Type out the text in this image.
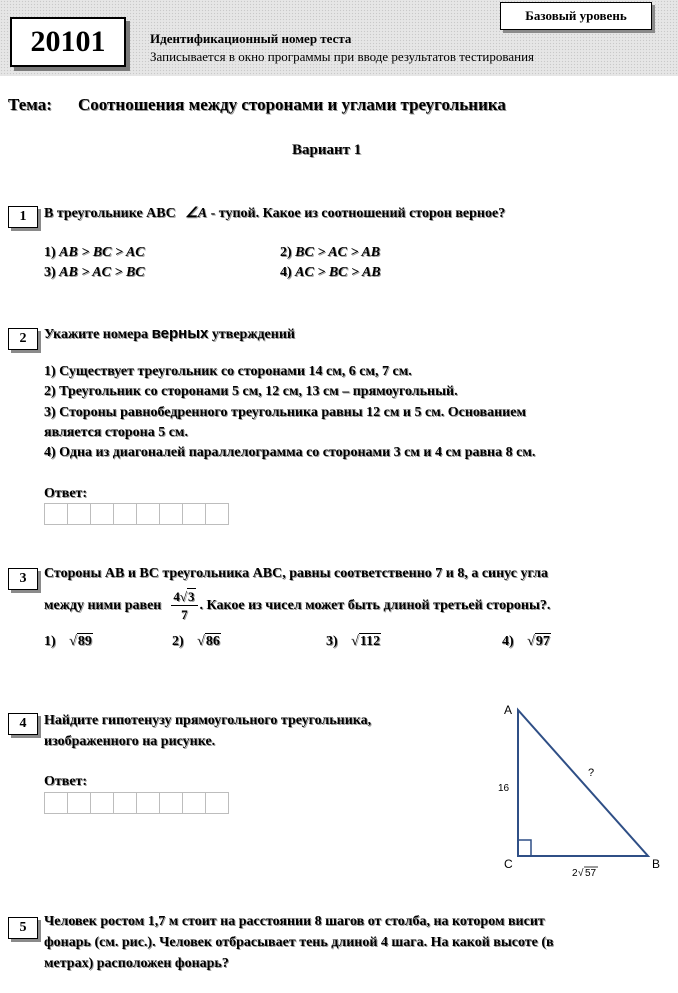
20101
Базовый уровень
Идентификационный номер теста
Записывается в окно программы при вводе результатов тестирования
Тема: Соотношения между сторонами и углами треугольника
Вариант 1
1	В треугольнике ABC ∠A - тупой. Какое из соотношений сторон верное?
1) AB > BC > AC	2) BC > AC > AB
3) AB > AC > BC	4) AC > BC > AB
2	Укажите номера верных утверждений
1) Существует треугольник со сторонами 14 см, 6 см, 7 см.
2) Треугольник со сторонами 5 см, 12 см, 13 см – прямоугольный.
3) Стороны равнобедренного треугольника равны 12 см и 5 см. Основанием
является сторона 5 см.
4) Одна из диагоналей параллелограмма со сторонами 3 см и 4 см равна 8 см.
Ответ:
3	Стороны AB и BC треугольника ABC, равны соответственно 7 и 8, а синус угла
между ними равен $\frac{4√3}{7}$ . Какое из чисел может быть длиной третьей стороны?.
1) √89	2) √86	3) √112	4) √97
4	Найдите гипотенузу прямоугольного треугольника,
изображенного на рисунке.
Ответ:
A
C	B
16
?
2 √ 57
5	Человек ростом 1,7 м стоит на расстоянии 8 шагов от столба, на котором висит
фонарь (см. рис.). Человек отбрасывает тень длиной 4 шага. На какой высоте (в
метрах) расположен фонарь?
